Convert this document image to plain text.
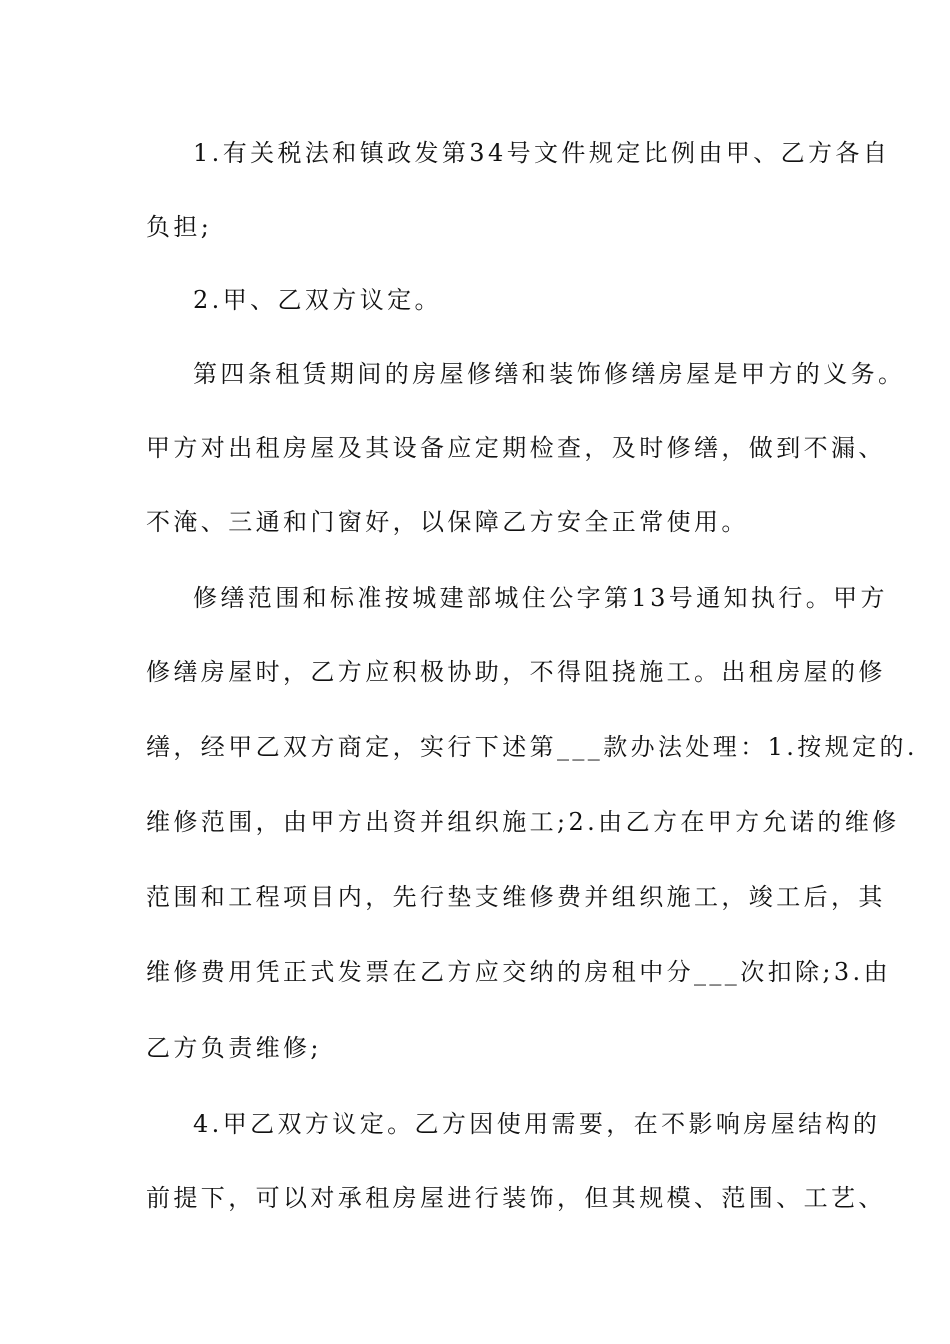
1.有关税法和镇政发第34号文件规定比例由甲、乙方各自
负担;
2.甲、乙双方议定。
第四条租赁期间的房屋修缮和装饰修缮房屋是甲方的义务。
甲方对出租房屋及其设备应定期检查，及时修缮，做到不漏、
不淹、三通和门窗好，以保障乙方安全正常使用。
修缮范围和标准按城建部城住公字第13号通知执行。甲方
修缮房屋时，乙方应积极协助，不得阻挠施工。出租房屋的修
缮，经甲乙双方商定，实行下述第___款办法处理：1.按规定的.
维修范围，由甲方出资并组织施工;2.由乙方在甲方允诺的维修
范围和工程项目内，先行垫支维修费并组织施工，竣工后，其
维修费用凭正式发票在乙方应交纳的房租中分___次扣除;3.由
乙方负责维修;
4.甲乙双方议定。乙方因使用需要，在不影响房屋结构的
前提下，可以对承租房屋进行装饰，但其规模、范围、工艺、
